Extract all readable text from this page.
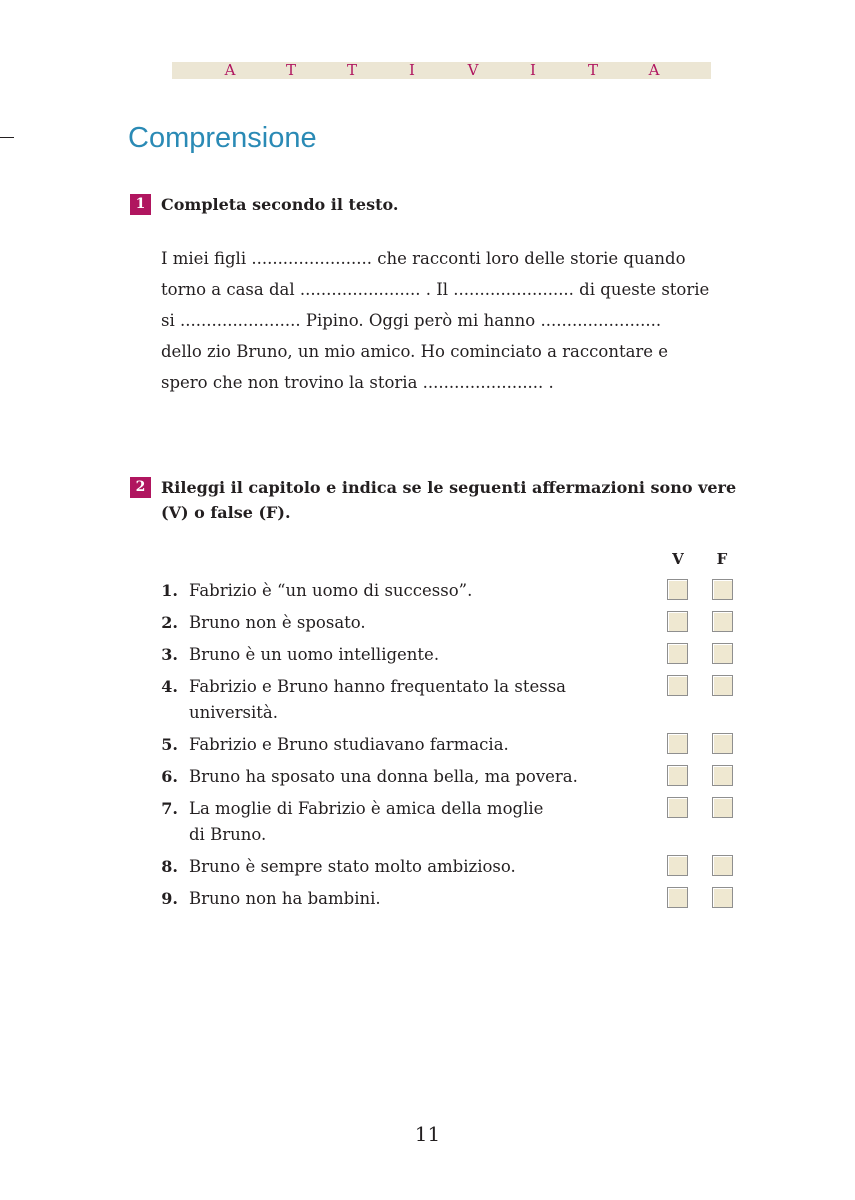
A	T	T	I	V	I	T	A
Comprensione
1 Completa secondo il testo.

I miei figli ....................... che racconti loro delle storie quando
torno a casa dal ....................... . Il ....................... di queste storie
si ....................... Pipino. Oggi però mi hanno .......................
dello zio Bruno, un mio amico. Ho cominciato a raccontare e
spero che non trovino la storia ....................... .

2 Rileggi il capitolo e indica se le seguenti affermazioni sono vere
(V) o false (F).

V	F
1. Fabrizio è “un uomo di successo”.
2. Bruno non è sposato.
3. Bruno è un uomo intelligente.
4. Fabrizio e Bruno hanno frequentato la stessa
università.
5. Fabrizio e Bruno studiavano farmacia.
6. Bruno ha sposato una donna bella, ma povera.
7. La moglie di Fabrizio è amica della moglie
di Bruno.
8. Bruno è sempre stato molto ambizioso.
9. Bruno non ha bambini.
11
